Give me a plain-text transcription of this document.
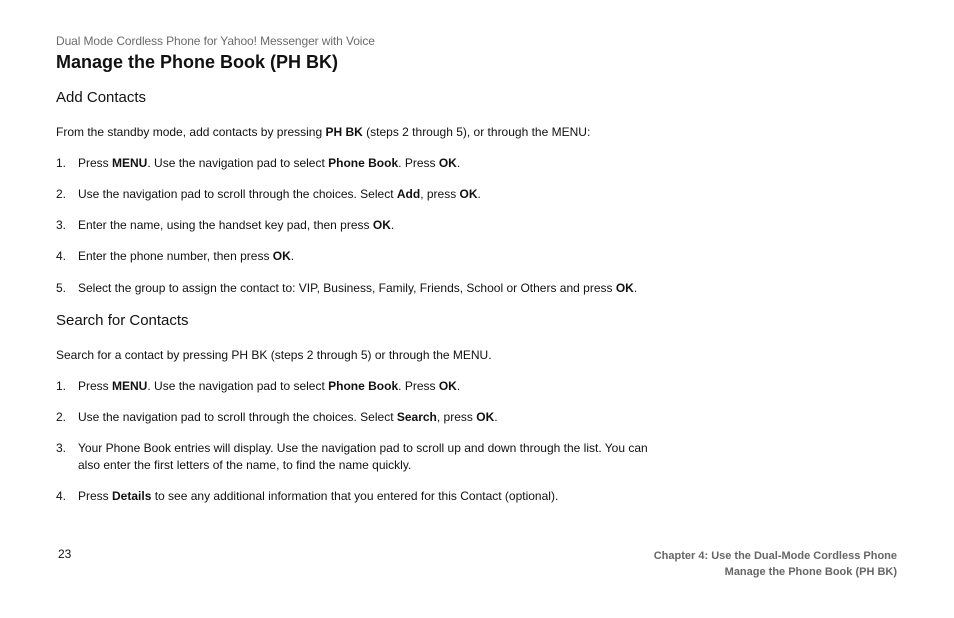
Dual Mode Cordless Phone for Yahoo! Messenger with Voice
Manage the Phone Book (PH BK)
Add Contacts

From the standby mode, add contacts by pressing PH BK (steps 2 through 5), or through the MENU:

1. Press MENU. Use the navigation pad to select Phone Book. Press OK.
2. Use the navigation pad to scroll through the choices. Select Add, press OK.
3. Enter the name, using the handset key pad, then press OK.
4. Enter the phone number, then press OK.
5. Select the group to assign the contact to: VIP, Business, Family, Friends, School or Others and press OK.
Search for Contacts

Search for a contact by pressing PH BK (steps 2 through 5) or through the MENU.

1. Press MENU. Use the navigation pad to select Phone Book. Press OK.
2. Use the navigation pad to scroll through the choices. Select Search, press OK.
3. Your Phone Book entries will display. Use the navigation pad to scroll up and down through the list. You can also enter the first letters of the name, to find the name quickly.
4. Press Details to see any additional information that you entered for this Contact (optional).
23	Chapter 4: Use the Dual-Mode Cordless Phone
Manage the Phone Book (PH BK)
